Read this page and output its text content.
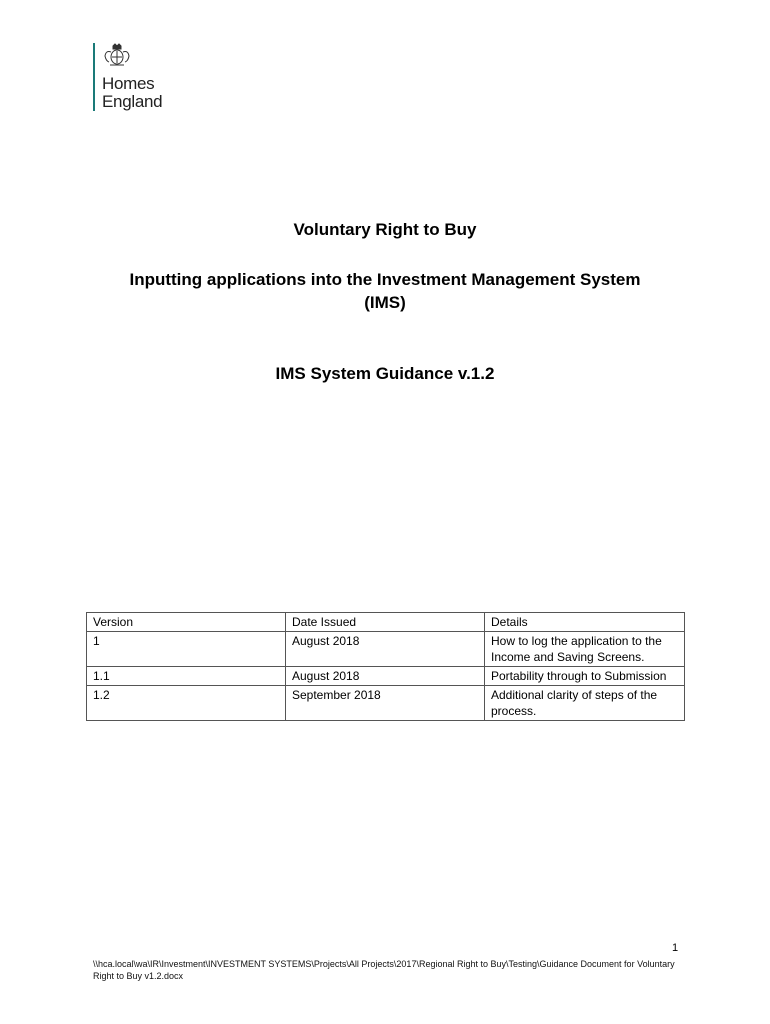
Homes
England
Voluntary Right to Buy
Inputting applications into the Investment Management System
(IMS)
IMS System Guidance v.1.2
Version	Date Issued	Details
1	August 2018	How to log the application to the Income and Saving Screens.
1.1	August 2018	Portability through to Submission
1.2	September 2018	Additional clarity of steps of the process.
1
\\hca.local\wa\IR\Investment\INVESTMENT SYSTEMS\Projects\All Projects\2017\Regional Right to Buy\Testing\Guidance Document for Voluntary Right to Buy v1.2.docx
